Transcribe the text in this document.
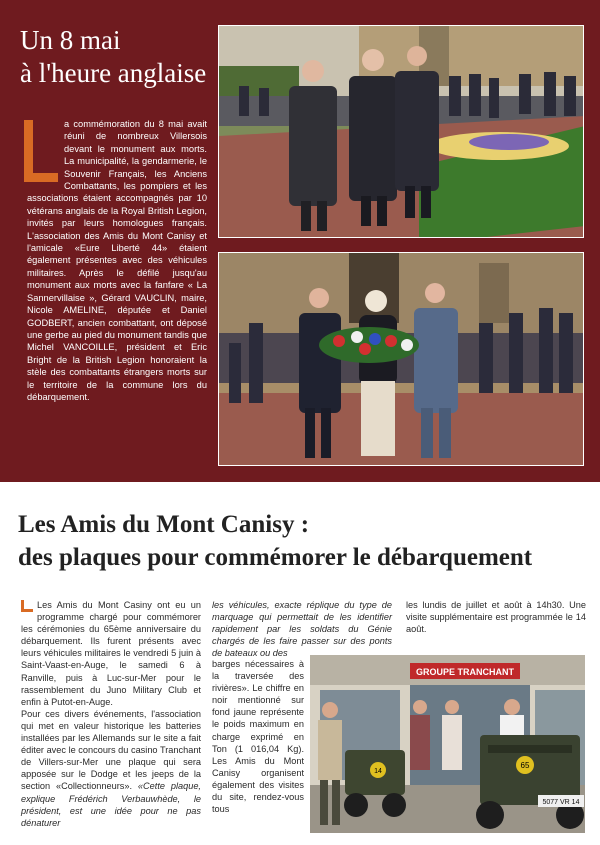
Un 8 mai
à l'heure anglaise

a commémoration du 8 mai avait réuni de nombreux Villersois devant le monument aux morts. La municipalité, la gendarmerie, le Souvenir Français, les Anciens Combattants, les pompiers et les associations étaient accompagnés par 10 vétérans anglais de la Royal British Legion, invités par leurs homologues français. L'association des Amis du Mont Canisy et l'amicale «Eure Liberté 44» étaient également présentes avec des véhicules militaires. Après le défilé jusqu'au monument aux morts avec la fanfare « La Sannervillaise », Gérard VAUCLIN, maire, Nicole AMELINE, députée et Daniel GODBERT, ancien combattant, ont déposé une gerbe au pied du monument tandis que Michel VANCOILLE, président et Eric Bright de la British Legion honoraient la stèle des combattants étrangers morts sur le territoire de la commune lors du débarquement.

Les Amis du Mont Canisy :
des plaques pour commémorer le débarquement

Les Amis du Mont Casiny ont eu un programme chargé pour commémorer les cérémonies du 65ème anniversaire du débarquement. Ils furent présents avec leurs véhicules militaires le vendredi 5 juin à Saint-Vaast-en-Auge, le samedi 6 à Ranville, puis à Luc-sur-Mer pour le rassemblement du Juno Military Club et enfin à Putot-en-Auge.

Pour ces divers événements, l'association qui met en valeur historique les batteries installées par les Allemands sur le site a fait éditer avec le concours du casino Tranchant de Villers-sur-Mer une plaque qui sera apposée sur le Dodge et les jeeps de la section «Collectionneurs». «Cette plaque, explique Frédérich Verbauwhède, le président, est une idée pour ne pas dénaturer

les véhicules, exacte réplique du type de marquage qui permettait de les identifier rapidement par les soldats du Génie chargés de les faire passer sur des ponts de bateaux ou des

barges nécessaires à la traversée des rivières». Le chiffre en noir mentionné sur fond jaune représente le poids maximum en charge exprimé en Ton (1 016,04 Kg). Les Amis du Mont Canisy organisent également des visites du site, rendez-vous tous

les lundis de juillet et août à 14h30. Une visite supplémentaire est programmée le 14 août.

GROUPE TRANCHANT
14
65
5077 VR 14
